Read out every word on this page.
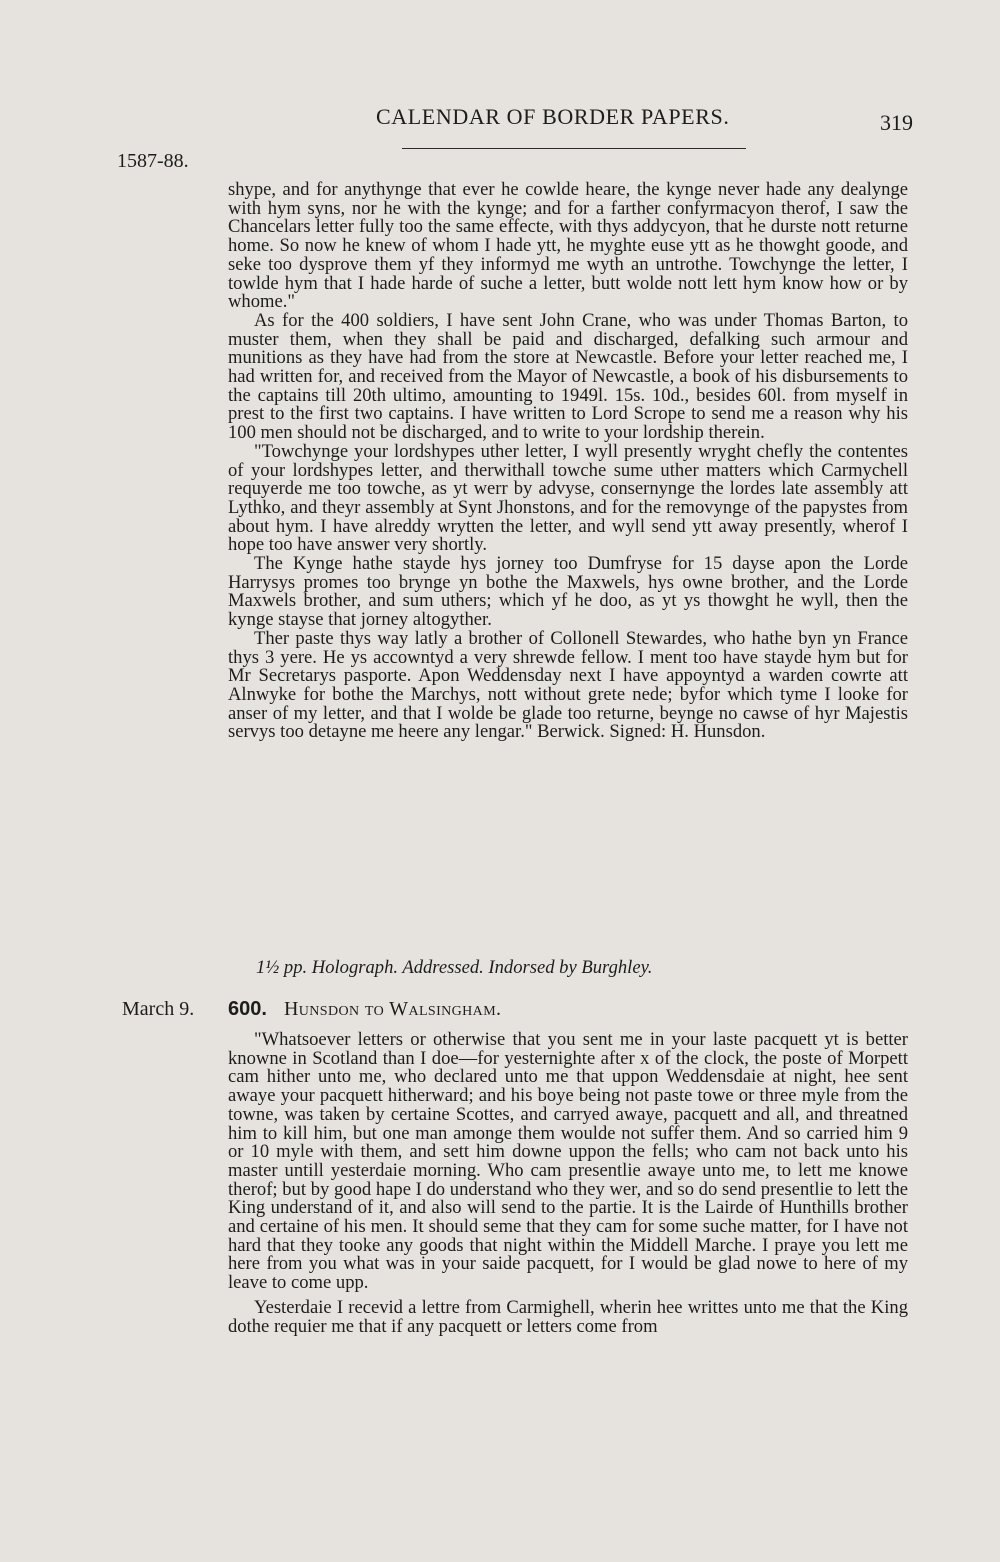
CALENDAR OF BORDER PAPERS.	319
1587-88.

shype, and for anythynge that ever he cowlde heare, the kynge never hade any dealynge with hym syns, nor he with the kynge; and for a farther confyrmacyon therof, I saw the Chancelars letter fully too the same effecte, with thys addycyon, that he durste nott returne home. So now he knew of whom I hade ytt, he myghte euse ytt as he thowght goode, and seke too dysprove them yf they informyd me wyth an untrothe. Towchynge the letter, I towlde hym that I hade harde of suche a letter, butt wolde nott lett hym know how or by whome."

As for the 400 soldiers, I have sent John Crane, who was under Thomas Barton, to muster them, when they shall be paid and discharged, defalking such armour and munitions as they have had from the store at Newcastle. Before your letter reached me, I had written for, and received from the Mayor of Newcastle, a book of his disbursements to the captains till 20th ultimo, amounting to 1949l. 15s. 10d., besides 60l. from myself in prest to the first two captains. I have written to Lord Scrope to send me a reason why his 100 men should not be discharged, and to write to your lordship therein.

"Towchynge your lordshypes uther letter, I wyll presently wryght chefly the contentes of your lordshypes letter, and therwithall towche sume uther matters which Carmychell requyerde me too towche, as yt werr by advyse, consernynge the lordes late assembly att Lythko, and theyr assembly at Synt Jhonstons, and for the removynge of the papystes from about hym. I have alreddy wrytten the letter, and wyll send ytt away presently, wherof I hope too have answer very shortly.

The Kynge hathe stayde hys jorney too Dumfryse for 15 dayse apon the Lorde Harrysys promes too brynge yn bothe the Maxwels, hys owne brother, and the Lorde Maxwels brother, and sum uthers; which yf he doo, as yt ys thowght he wyll, then the kynge stayse that jorney altogyther.

Ther paste thys way latly a brother of Collonell Stewardes, who hathe byn yn France thys 3 yere. He ys accowntyd a very shrewde fellow. I ment too have stayde hym but for Mr Secretarys pasporte. Apon Weddensday next I have appoyntyd a warden cowrte att Alnwyke for bothe the Marchys, nott without grete nede; byfor which tyme I looke for anser of my letter, and that I wolde be glade too returne, beynge no cawse of hyr Majestis servys too detayne me heere any lengar." Berwick. Signed: H. Hunsdon.

1½ pp. Holograph. Addressed. Indorsed by Burghley.
March 9. 600. Hunsdon to Walsingham.

"Whatsoever letters or otherwise that you sent me in your laste pacquett yt is better knowne in Scotland than I doe—for yesternighte after x of the clock, the poste of Morpett cam hither unto me, who declared unto me that uppon Weddensdaie at night, hee sent awaye your pacquett hitherward; and his boye being not paste towe or three myle from the towne, was taken by certaine Scottes, and carryed awaye, pacquett and all, and threatned him to kill him, but one man amonge them woulde not suffer them. And so carried him 9 or 10 myle with them, and sett him downe uppon the fells; who cam not back unto his master untill yesterdaie morning. Who cam presentlie awaye unto me, to lett me knowe therof; but by good hape I do understand who they wer, and so do send presentlie to lett the King understand of it, and also will send to the partie. It is the Lairde of Hunthills brother and certaine of his men. It should seme that they cam for some suche matter, for I have not hard that they tooke any goods that night within the Middell Marche. I praye you lett me here from you what was in your saide pacquett, for I would be glad nowe to here of my leave to come upp.

Yesterdaie I recevid a lettre from Carmighell, wherin hee writtes unto me that the King dothe requier me that if any pacquett or letters come from
